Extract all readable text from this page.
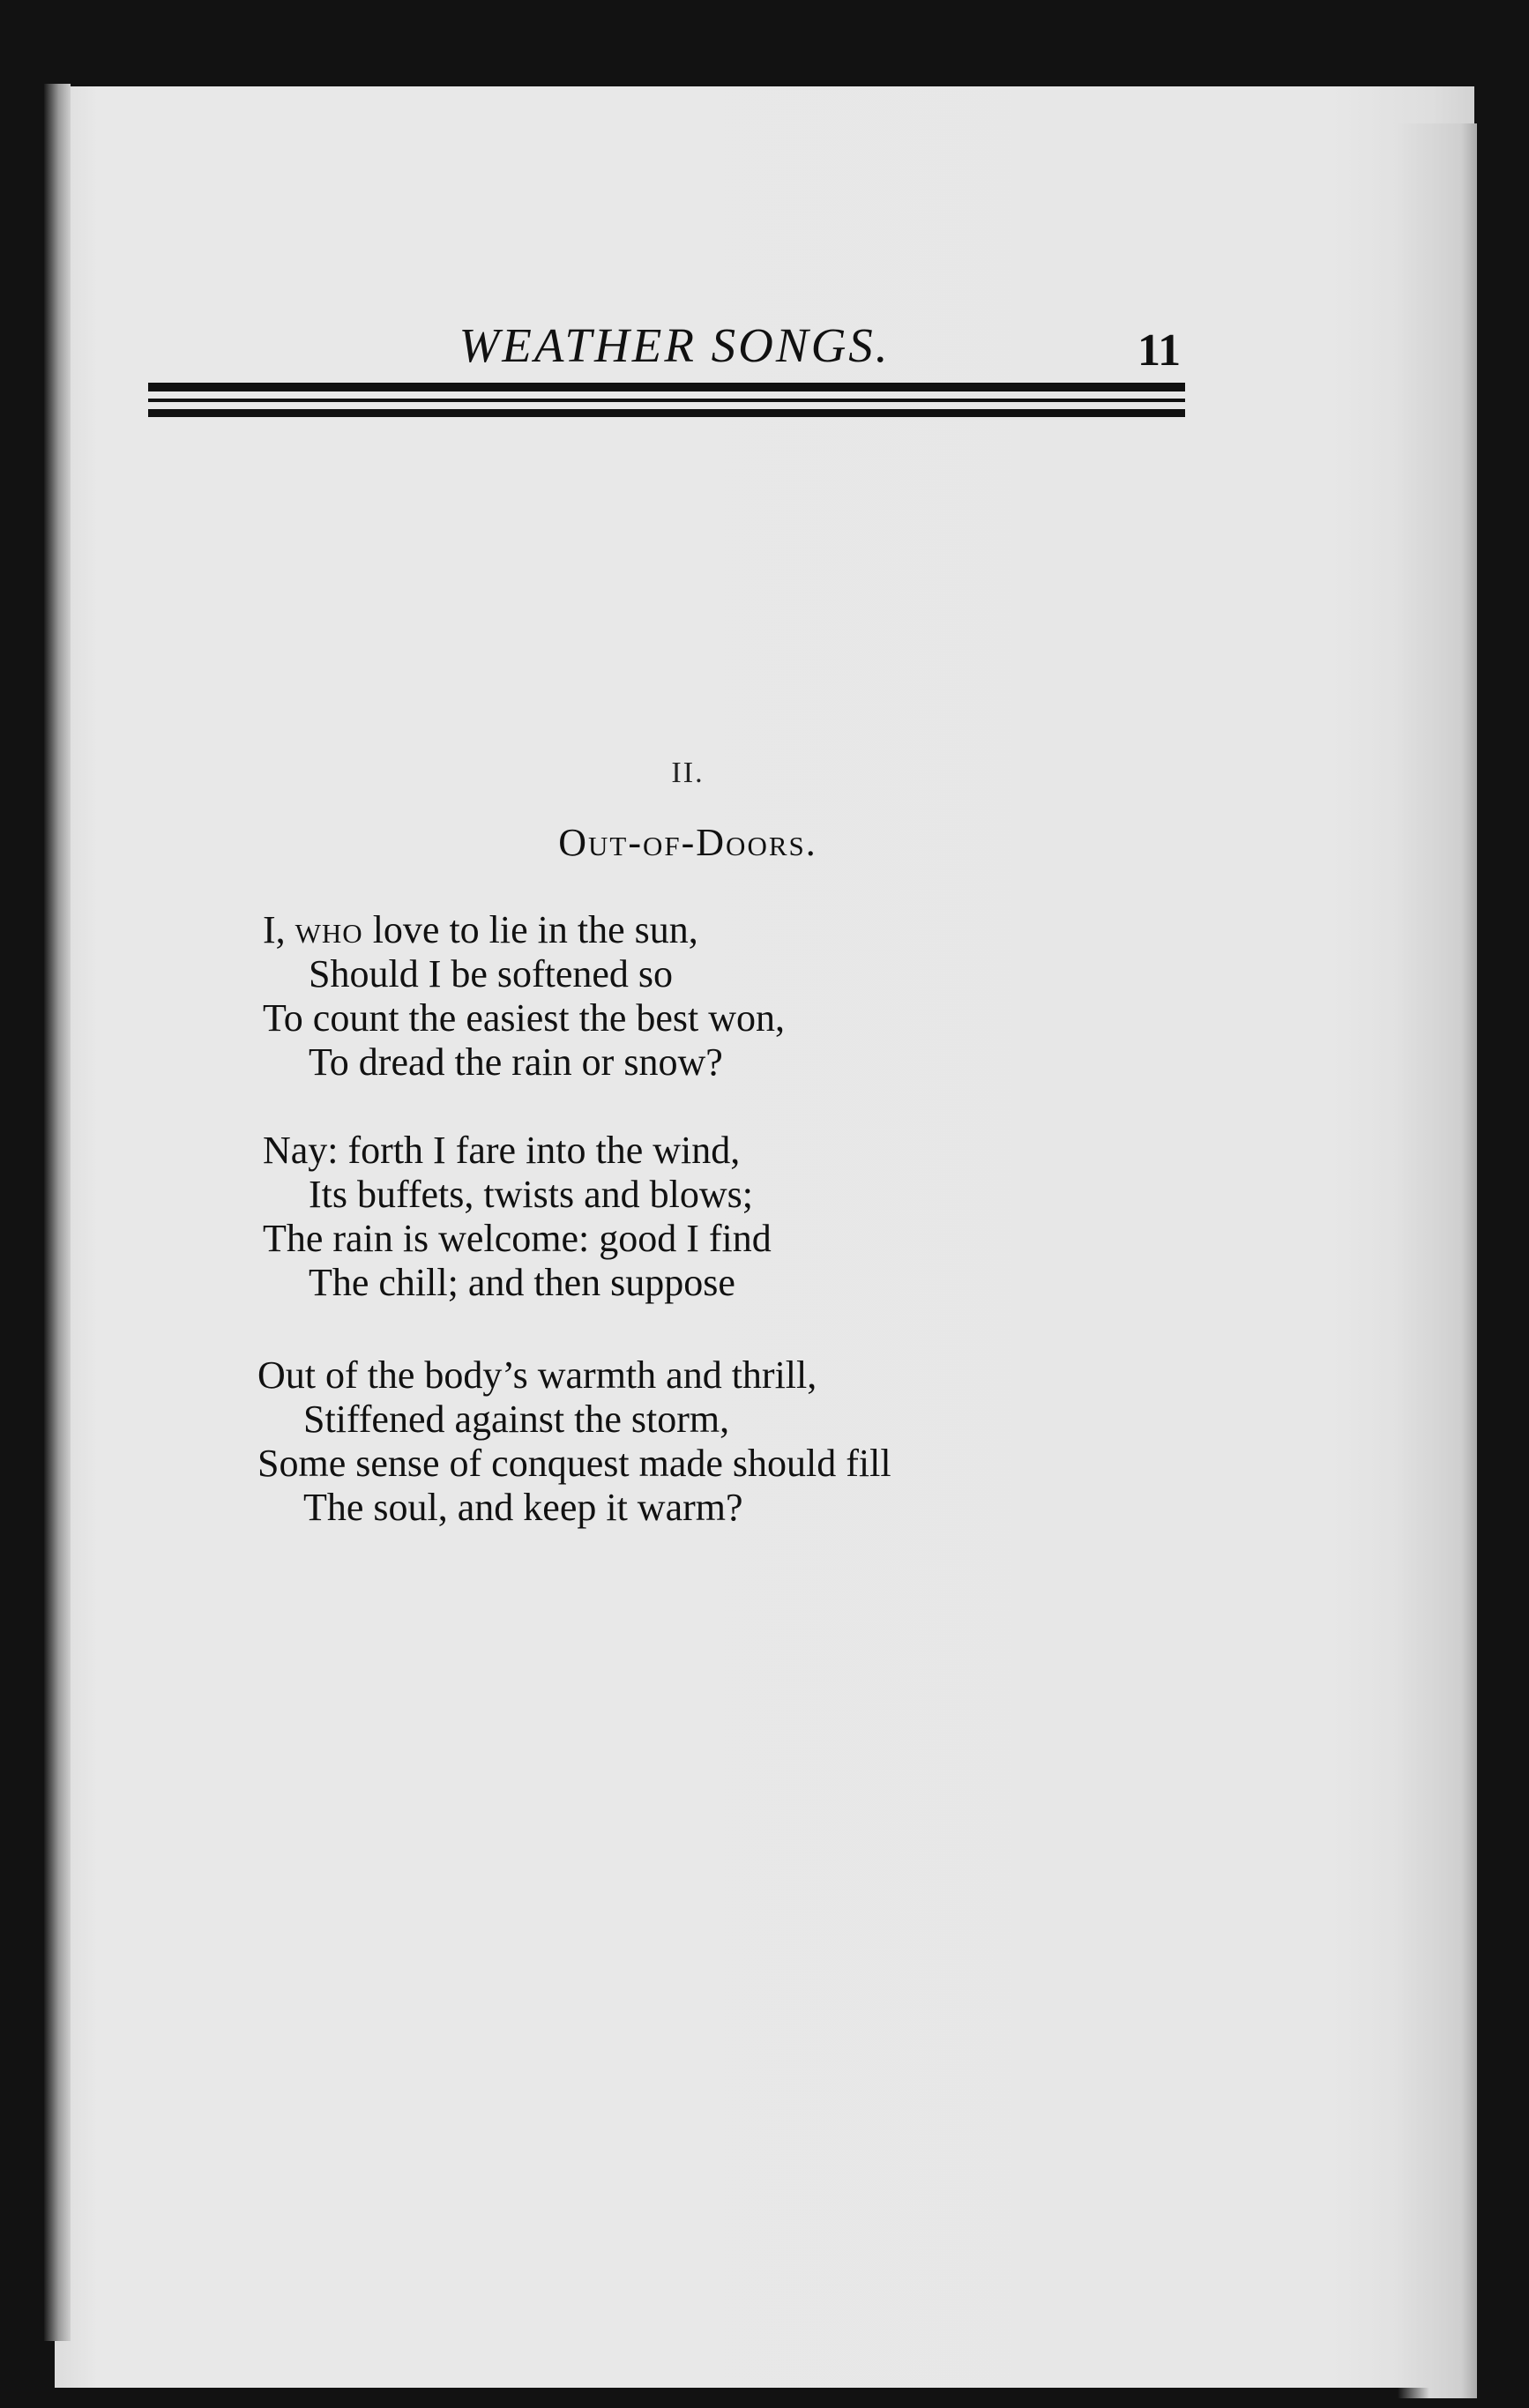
WEATHER SONGS.	11
II.
Out-of-Doors.
I, who love to lie in the sun,
Should I be softened so
To count the easiest the best won,
To dread the rain or snow?
Nay: forth I fare into the wind,
Its buffets, twists and blows;
The rain is welcome: good I find
The chill; and then suppose
Out of the body’s warmth and thrill,
Stiffened against the storm,
Some sense of conquest made should fill
The soul, and keep it warm?
